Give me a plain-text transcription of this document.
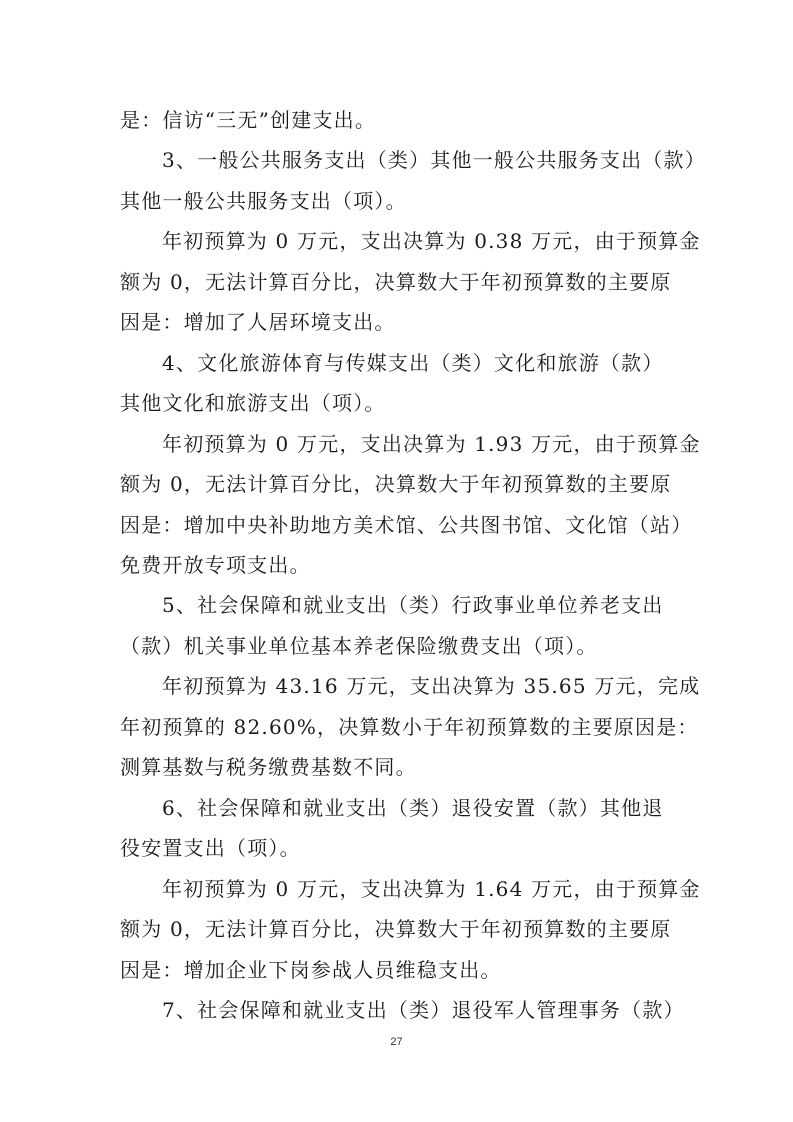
是：信访“三无”创建支出。
3、一般公共服务支出（类）其他一般公共服务支出（款）
其他一般公共服务支出（项）。
年初预算为 0 万元，支出决算为 0.38 万元，由于预算金
额为 0，无法计算百分比，决算数大于年初预算数的主要原
因是：增加了人居环境支出。
4、文化旅游体育与传媒支出（类）文化和旅游（款）
其他文化和旅游支出（项）。
年初预算为 0 万元，支出决算为 1.93 万元，由于预算金
额为 0，无法计算百分比，决算数大于年初预算数的主要原
因是：增加中央补助地方美术馆、公共图书馆、文化馆（站）
免费开放专项支出。
5、社会保障和就业支出（类）行政事业单位养老支出
（款）机关事业单位基本养老保险缴费支出（项）。
年初预算为 43.16 万元，支出决算为 35.65 万元，完成
年初预算的 82.60%，决算数小于年初预算数的主要原因是：
测算基数与税务缴费基数不同。
6、社会保障和就业支出（类）退役安置（款）其他退
役安置支出（项）。
年初预算为 0 万元，支出决算为 1.64 万元，由于预算金
额为 0，无法计算百分比，决算数大于年初预算数的主要原
因是：增加企业下岗参战人员维稳支出。
7、社会保障和就业支出（类）退役军人管理事务（款）
27
